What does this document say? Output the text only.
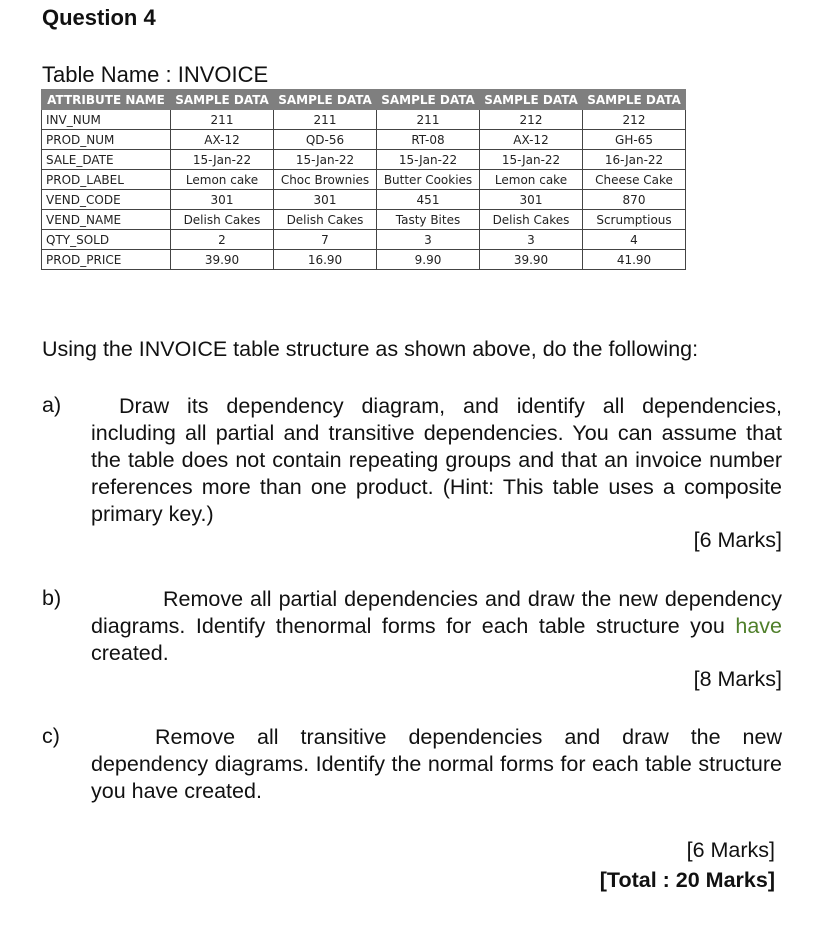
Question 4
Table Name : INVOICE
ATTRIBUTE NAME	SAMPLE DATA	SAMPLE DATA	SAMPLE DATA	SAMPLE DATA	SAMPLE DATA
INV_NUM	211	211	211	212	212
PROD_NUM	AX-12	QD-56	RT-08	AX-12	GH-65
SALE_DATE	15-Jan-22	15-Jan-22	15-Jan-22	15-Jan-22	16-Jan-22
PROD_LABEL	Lemon cake	Choc Brownies	Butter Cookies	Lemon cake	Cheese Cake
VEND_CODE	301	301	451	301	870
VEND_NAME	Delish Cakes	Delish Cakes	Tasty Bites	Delish Cakes	Scrumptious
QTY_SOLD	2	7	3	3	4
PROD_PRICE	39.90	16.90	9.90	39.90	41.90
Using the INVOICE table structure as shown above, do the following:
a)	Draw its dependency diagram, and identify all dependencies, including all partial and transitive dependencies. You can assume that the table does not contain repeating groups and that an invoice number references more than one product. (Hint: This table uses a composite primary key.)
[6 Marks]
b)	Remove all partial dependencies and draw the new dependency diagrams. Identify thenormal forms for each table structure you have created.
[8 Marks]
c)	Remove all transitive dependencies and draw the new dependency diagrams. Identify the normal forms for each table structure you have created.
[6 Marks]
[Total : 20 Marks]
